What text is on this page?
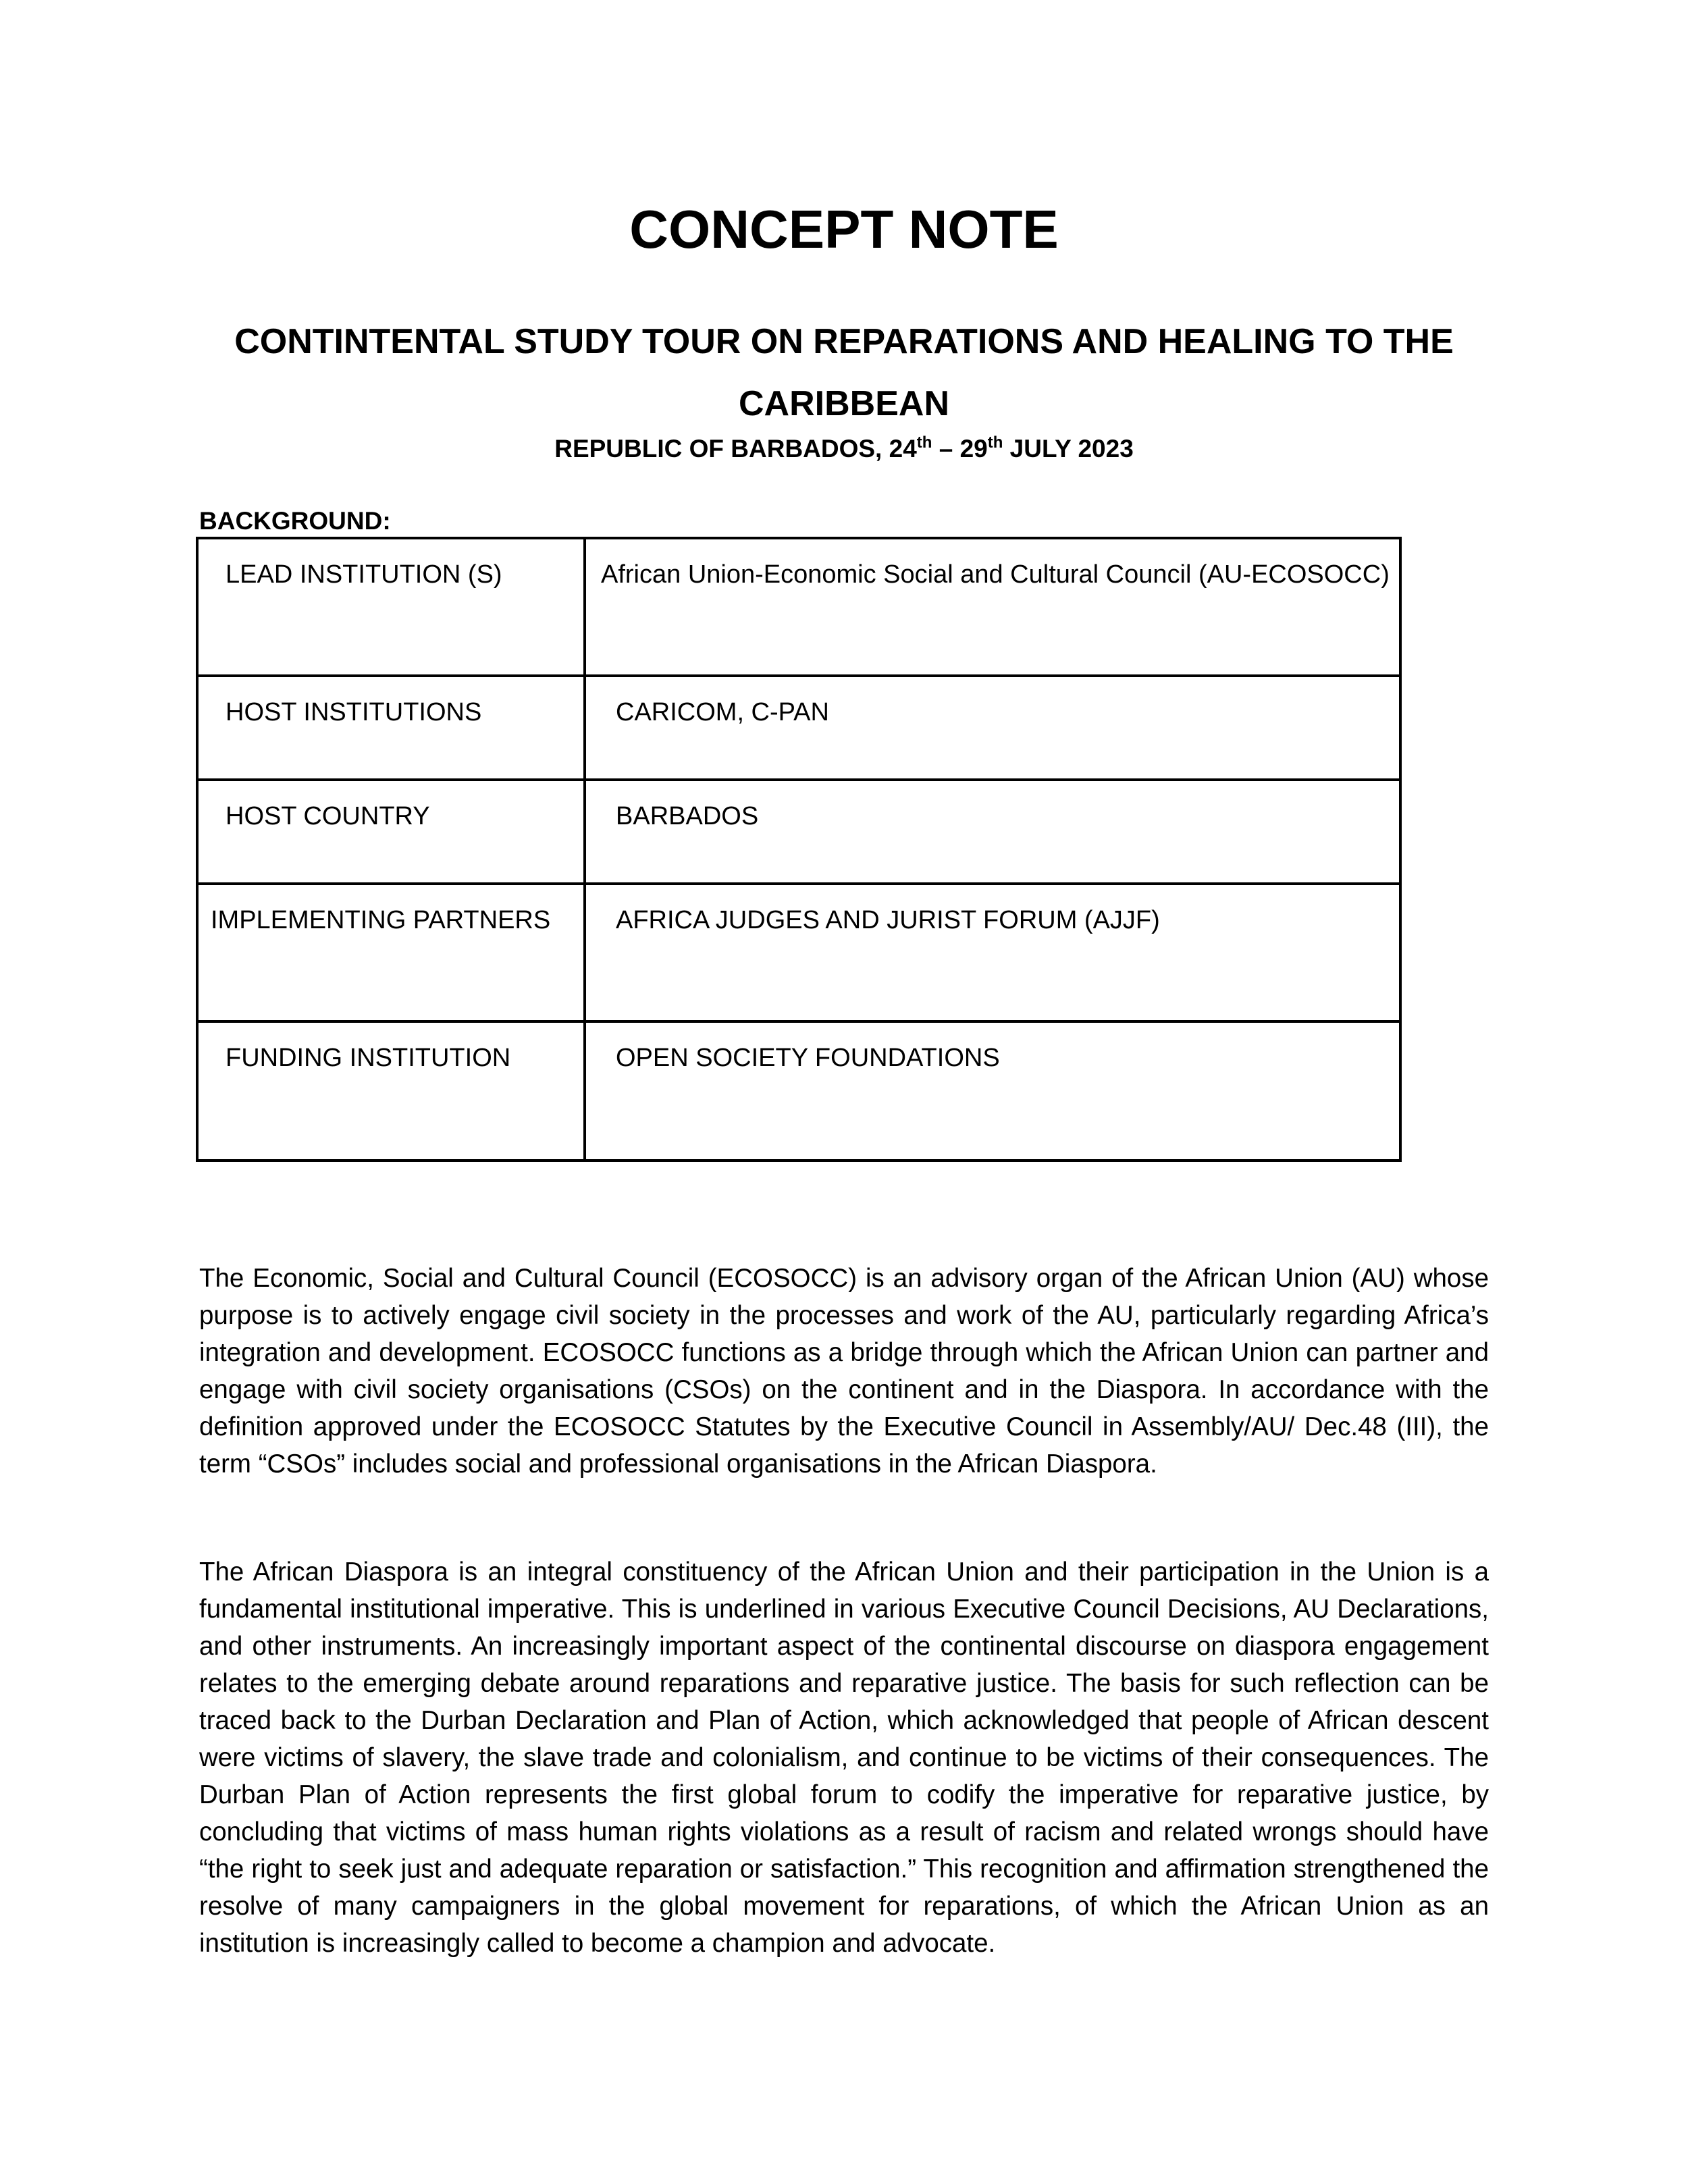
CONCEPT NOTE
CONTINTENTAL STUDY TOUR ON REPARATIONS AND HEALING TO THE CARIBBEAN
REPUBLIC OF BARBADOS, 24th – 29th JULY 2023
BACKGROUND:
LEAD INSTITUTION (S)	African Union-Economic Social and Cultural Council (AU-ECOSOCC)
HOST INSTITUTIONS	CARICOM, C-PAN
HOST COUNTRY	BARBADOS
IMPLEMENTING PARTNERS	AFRICA JUDGES AND JURIST FORUM (AJJF)
FUNDING INSTITUTION	OPEN SOCIETY FOUNDATIONS

The Economic, Social and Cultural Council (ECOSOCC) is an advisory organ of the African Union (AU) whose purpose is to actively engage civil society in the processes and work of the AU, particularly regarding Africa’s integration and development. ECOSOCC functions as a bridge through which the African Union can partner and engage with civil society organisations (CSOs) on the continent and in the Diaspora. In accordance with the definition approved under the ECOSOCC Statutes by the Executive Council in Assembly/AU/ Dec.48 (III), the term “CSOs” includes social and professional organisations in the African Diaspora.

The African Diaspora is an integral constituency of the African Union and their participation in the Union is a fundamental institutional imperative. This is underlined in various Executive Council Decisions, AU Declarations, and other instruments. An increasingly important aspect of the continental discourse on diaspora engagement relates to the emerging debate around reparations and reparative justice. The basis for such reflection can be traced back to the Durban Declaration and Plan of Action, which acknowledged that people of African descent were victims of slavery, the slave trade and colonialism, and continue to be victims of their consequences. The Durban Plan of Action represents the first global forum to codify the imperative for reparative justice, by concluding that victims of mass human rights violations as a result of racism and related wrongs should have “the right to seek just and adequate reparation or satisfaction.” This recognition and affirmation strengthened the resolve of many campaigners in the global movement for reparations, of which the African Union as an institution is increasingly called to become a champion and advocate.
